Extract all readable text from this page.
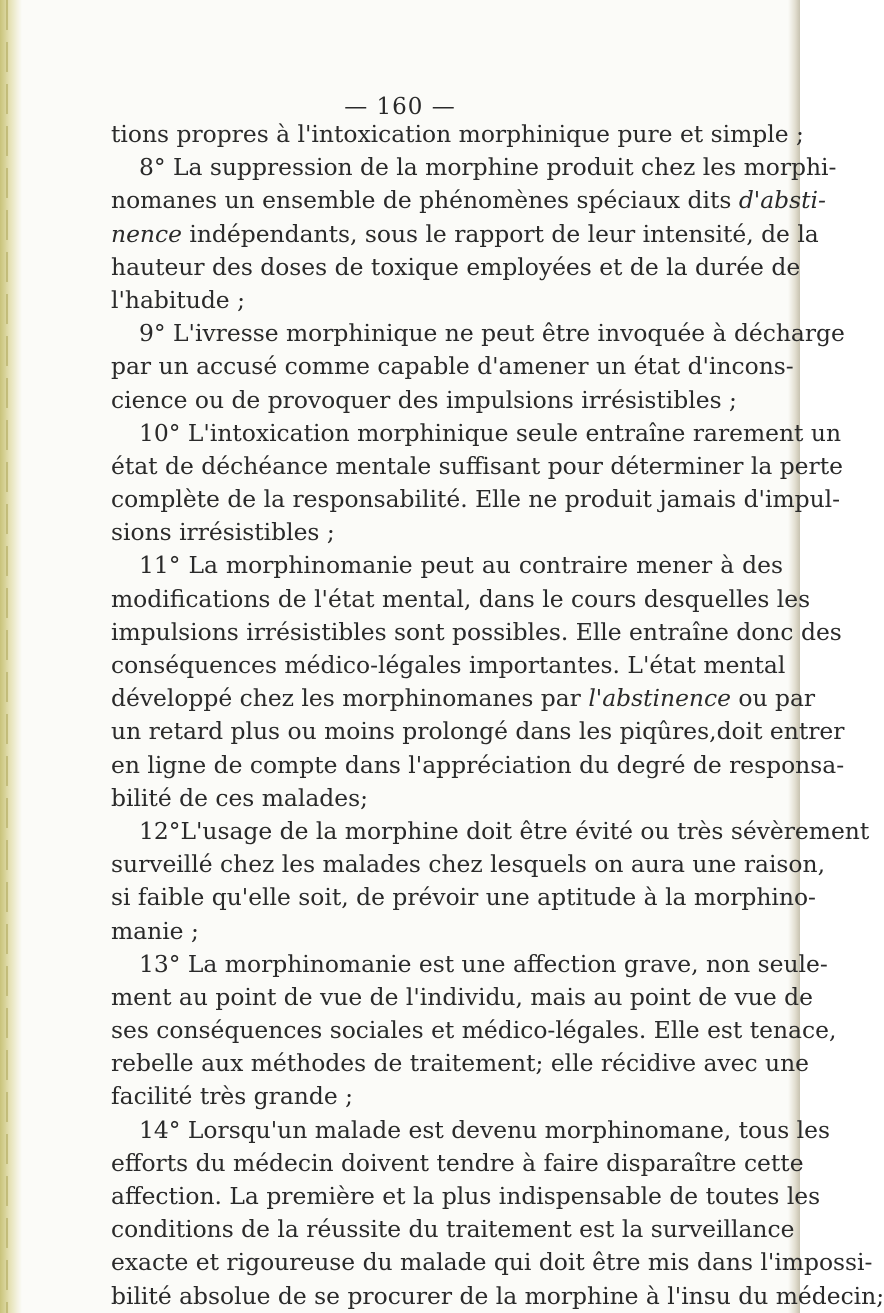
— 160 —
tions propres à l'intoxication morphinique pure et simple ;
8° La suppression de la morphine produit chez les morphi-
nomanes un ensemble de phénomènes spéciaux dits d'absti-
nence indépendants, sous le rapport de leur intensité, de la
hauteur des doses de toxique employées et de la durée de
l'habitude ;
9° L'ivresse morphinique ne peut être invoquée à décharge
par un accusé comme capable d'amener un état d'incons-
cience ou de provoquer des impulsions irrésistibles ;
10° L'intoxication morphinique seule entraîne rarement un
état de déchéance mentale suffisant pour déterminer la perte
complète de la responsabilité. Elle ne produit jamais d'impul-
sions irrésistibles ;
11° La morphinomanie peut au contraire mener à des
modifications de l'état mental, dans le cours desquelles les
impulsions irrésistibles sont possibles. Elle entraîne donc des
conséquences médico-légales importantes. L'état mental
développé chez les morphinomanes par l'abstinence ou par
un retard plus ou moins prolongé dans les piqûres,doit entrer
en ligne de compte dans l'appréciation du degré de responsa-
bilité de ces malades;
12°L'usage de la morphine doit être évité ou très sévèrement
surveillé chez les malades chez lesquels on aura une raison,
si faible qu'elle soit, de prévoir une aptitude à la morphino-
manie ;
13° La morphinomanie est une affection grave, non seule-
ment au point de vue de l'individu, mais au point de vue de
ses conséquences sociales et médico-légales. Elle est tenace,
rebelle aux méthodes de traitement; elle récidive avec une
facilité très grande ;
14° Lorsqu'un malade est devenu morphinomane, tous les
efforts du médecin doivent tendre à faire disparaître cette
affection. La première et la plus indispensable de toutes les
conditions de la réussite du traitement est la surveillance
exacte et rigoureuse du malade qui doit être mis dans l'impossi-
bilité absolue de se procurer de la morphine à l'insu du médecin;
